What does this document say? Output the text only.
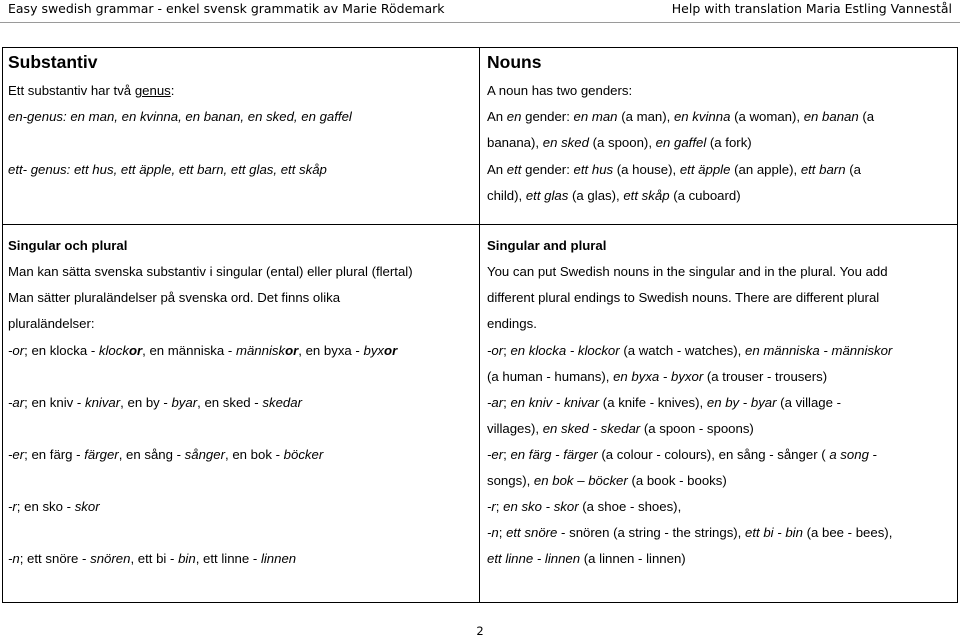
Easy swedish grammar - enkel svensk grammatik av Marie Rödemark	Help with translation Maria Estling Vannestål
Substantiv
Ett substantiv har två genus:
en-genus: en man, en kvinna, en banan, en sked, en gaffel
ett- genus: ett hus, ett äpple, ett barn, ett glas, ett skåp
Singular och plural
Man kan sätta svenska substantiv i singular (ental) eller plural (flertal)
Man sätter pluraländelser på svenska ord. Det finns olika
pluraländelser:
-or; en klocka - klockor, en människa - människor, en byxa - byxor
-ar; en kniv - knivar, en by - byar, en sked - skedar
-er; en färg - färger, en sång - sånger, en bok - böcker
-r; en sko - skor
-n; ett snöre - snören, ett bi - bin, ett linne - linnen
Nouns
A noun has two genders:
An en gender: en man (a man), en kvinna (a woman), en banan (a
banana), en sked (a spoon), en gaffel (a fork)
An ett gender: ett hus (a house), ett äpple (an apple), ett barn (a
child), ett glas (a glas), ett skåp (a cuboard)
Singular and plural
You can put Swedish nouns in the singular and in the plural. You add
different plural endings to Swedish nouns. There are different plural
endings.
-or; en klocka - klockor (a watch - watches), en människa - människor
(a human - humans), en byxa - byxor (a trouser - trousers)
-ar; en kniv - knivar (a knife - knives), en by - byar (a village -
villages), en sked - skedar (a spoon - spoons)
-er; en färg - färger (a colour - colours), en sång - sånger ( a song -
songs), en bok – böcker (a book - books)
-r; en sko - skor (a shoe - shoes),
-n; ett snöre - snören (a string - the strings), ett bi - bin (a bee - bees),
ett linne - linnen (a linnen - linnen)
2
